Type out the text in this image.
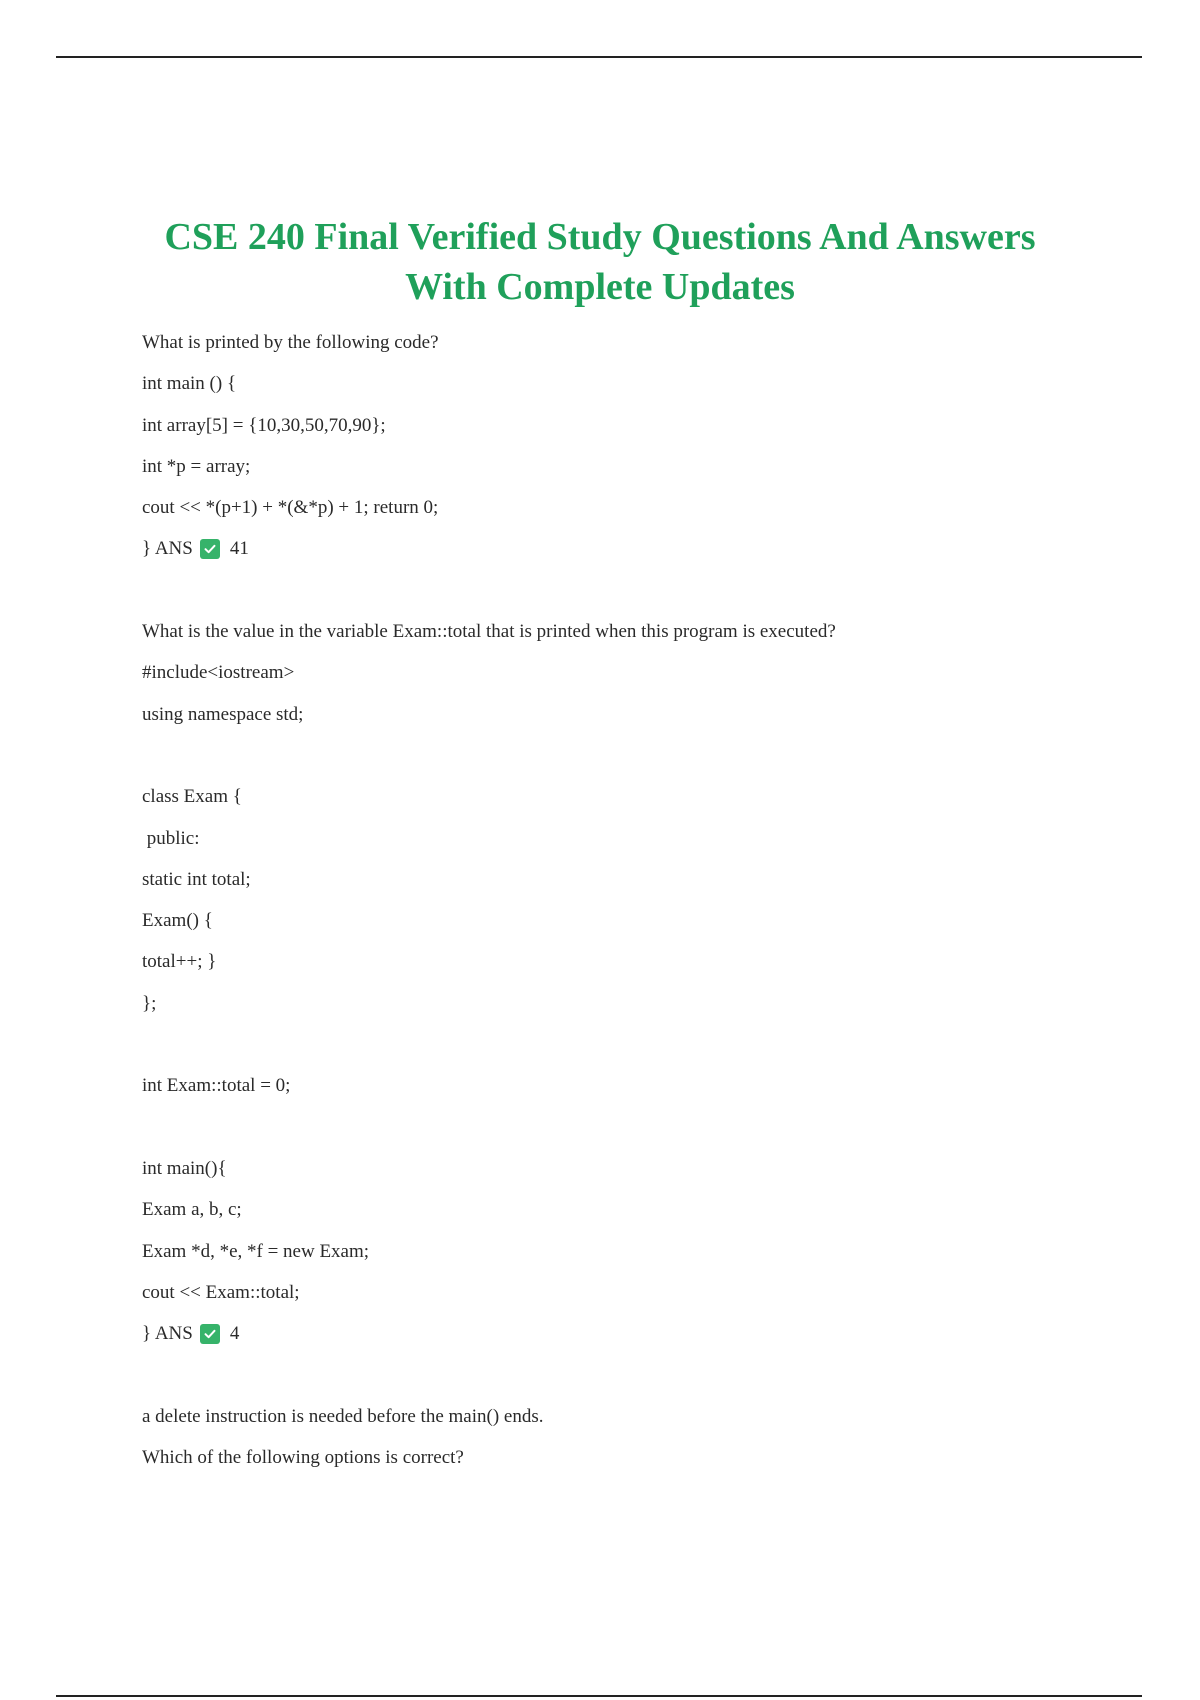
CSE 240 Final Verified Study Questions And Answers
With Complete Updates
What is printed by the following code?
int main () {
int array[5] = {10,30,50,70,90};
int *p = array;
cout << *(p+1) + *(&*p) + 1; return 0;
} ANS 41
What is the value in the variable Exam::total that is printed when this program is executed?
#include<iostream>
using namespace std;
class Exam {
public:
static int total;
Exam() {
total++; }
};
int Exam::total = 0;
int main(){
Exam a, b, c;
Exam *d, *e, *f = new Exam;
cout << Exam::total;
} ANS 4
a delete instruction is needed before the main() ends.
Which of the following options is correct?
